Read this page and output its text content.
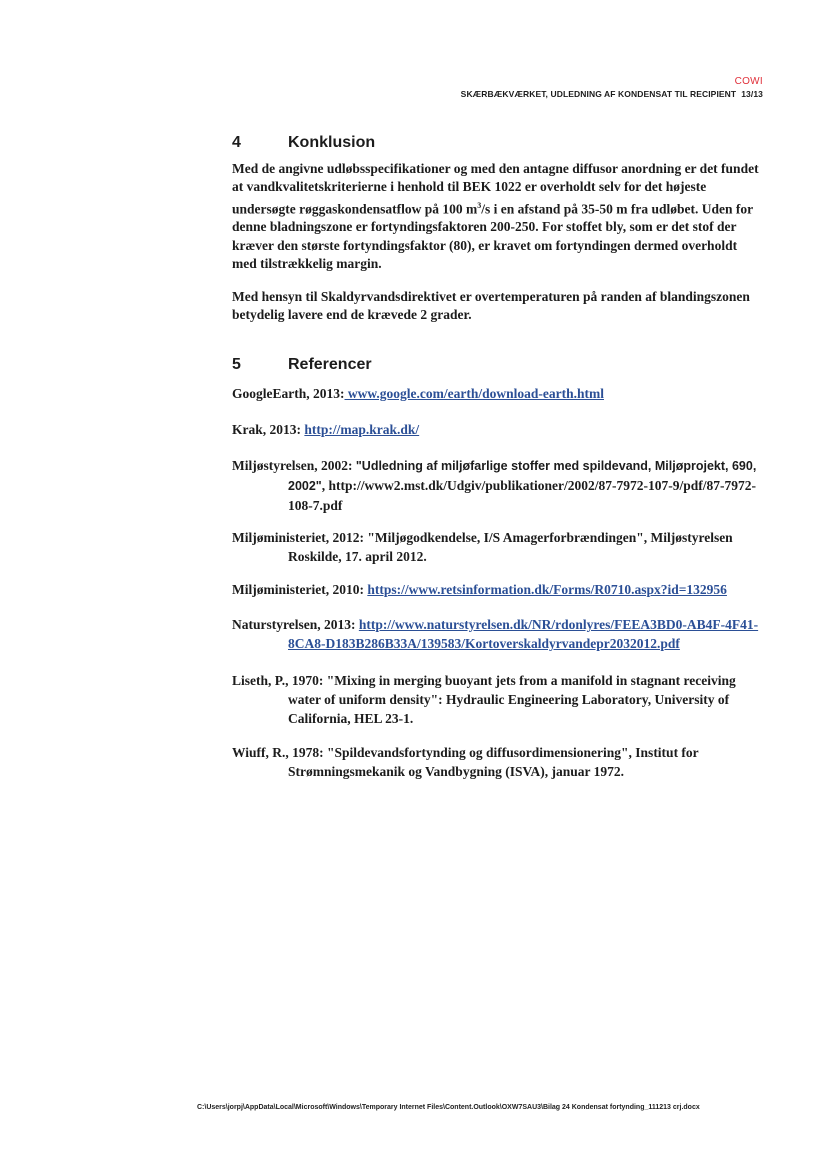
COWI
SKÆRBÆKVÆRKET, UDLEDNING AF KONDENSAT TIL RECIPIENT 13/13
4	Konklusion
Med de angivne udløbsspecifikationer og med den antagne diffusor anordning er det fundet at vandkvalitetskriterierne i henhold til BEK 1022 er overholdt selv for det højeste undersøgte røggaskondensatflow på 100 $m^3/s$ i en afstand på 35-50 m fra udløbet. Uden for denne bladningszone er fortyndingsfaktoren 200-250. For stoffet bly, som er det stof der kræver den største fortyndingsfaktor (80), er kravet om fortyndingen dermed overholdt med tilstrækkelig margin.
Med hensyn til Skaldyrvandsdirektivet er overtemperaturen på randen af blandingszonen betydelig lavere end de krævede 2 grader.
5	Referencer
GoogleEarth, 2013: www.google.com/earth/download-earth.html
Krak, 2013: http://map.krak.dk/
Miljøstyrelsen, 2002: "Udledning af miljøfarlige stoffer med spildevand, Miljøprojekt, 690, 2002", http://www2.mst.dk/Udgiv/publikationer/2002/87-7972-107-9/pdf/87-7972-108-7.pdf
Miljøministeriet, 2012: "Miljøgodkendelse, I/S Amagerforbrændingen", Miljøstyrelsen Roskilde, 17. april 2012.
Miljøministeriet, 2010: https://www.retsinformation.dk/Forms/R0710.aspx?id=132956
Naturstyrelsen, 2013: http://www.naturstyrelsen.dk/NR/rdonlyres/FEEA3BD0-AB4F-4F41-8CA8-D183B286B33A/139583/Kortoverskaldyrvandepr2032012.pdf
Liseth, P., 1970: "Mixing in merging buoyant jets from a manifold in stagnant receiving water of uniform density": Hydraulic Engineering Laboratory, University of California, HEL 23-1.
Wiuff, R., 1978: "Spildevandsfortynding og diffusordimensionering", Institut for Strømningsmekanik og Vandbygning (ISVA), januar 1972.
C:\Users\jorpj\AppData\Local\Microsoft\Windows\Temporary Internet Files\Content.Outlook\OXW7SAU3\Bilag 24 Kondensat fortynding_111213 crj.docx
